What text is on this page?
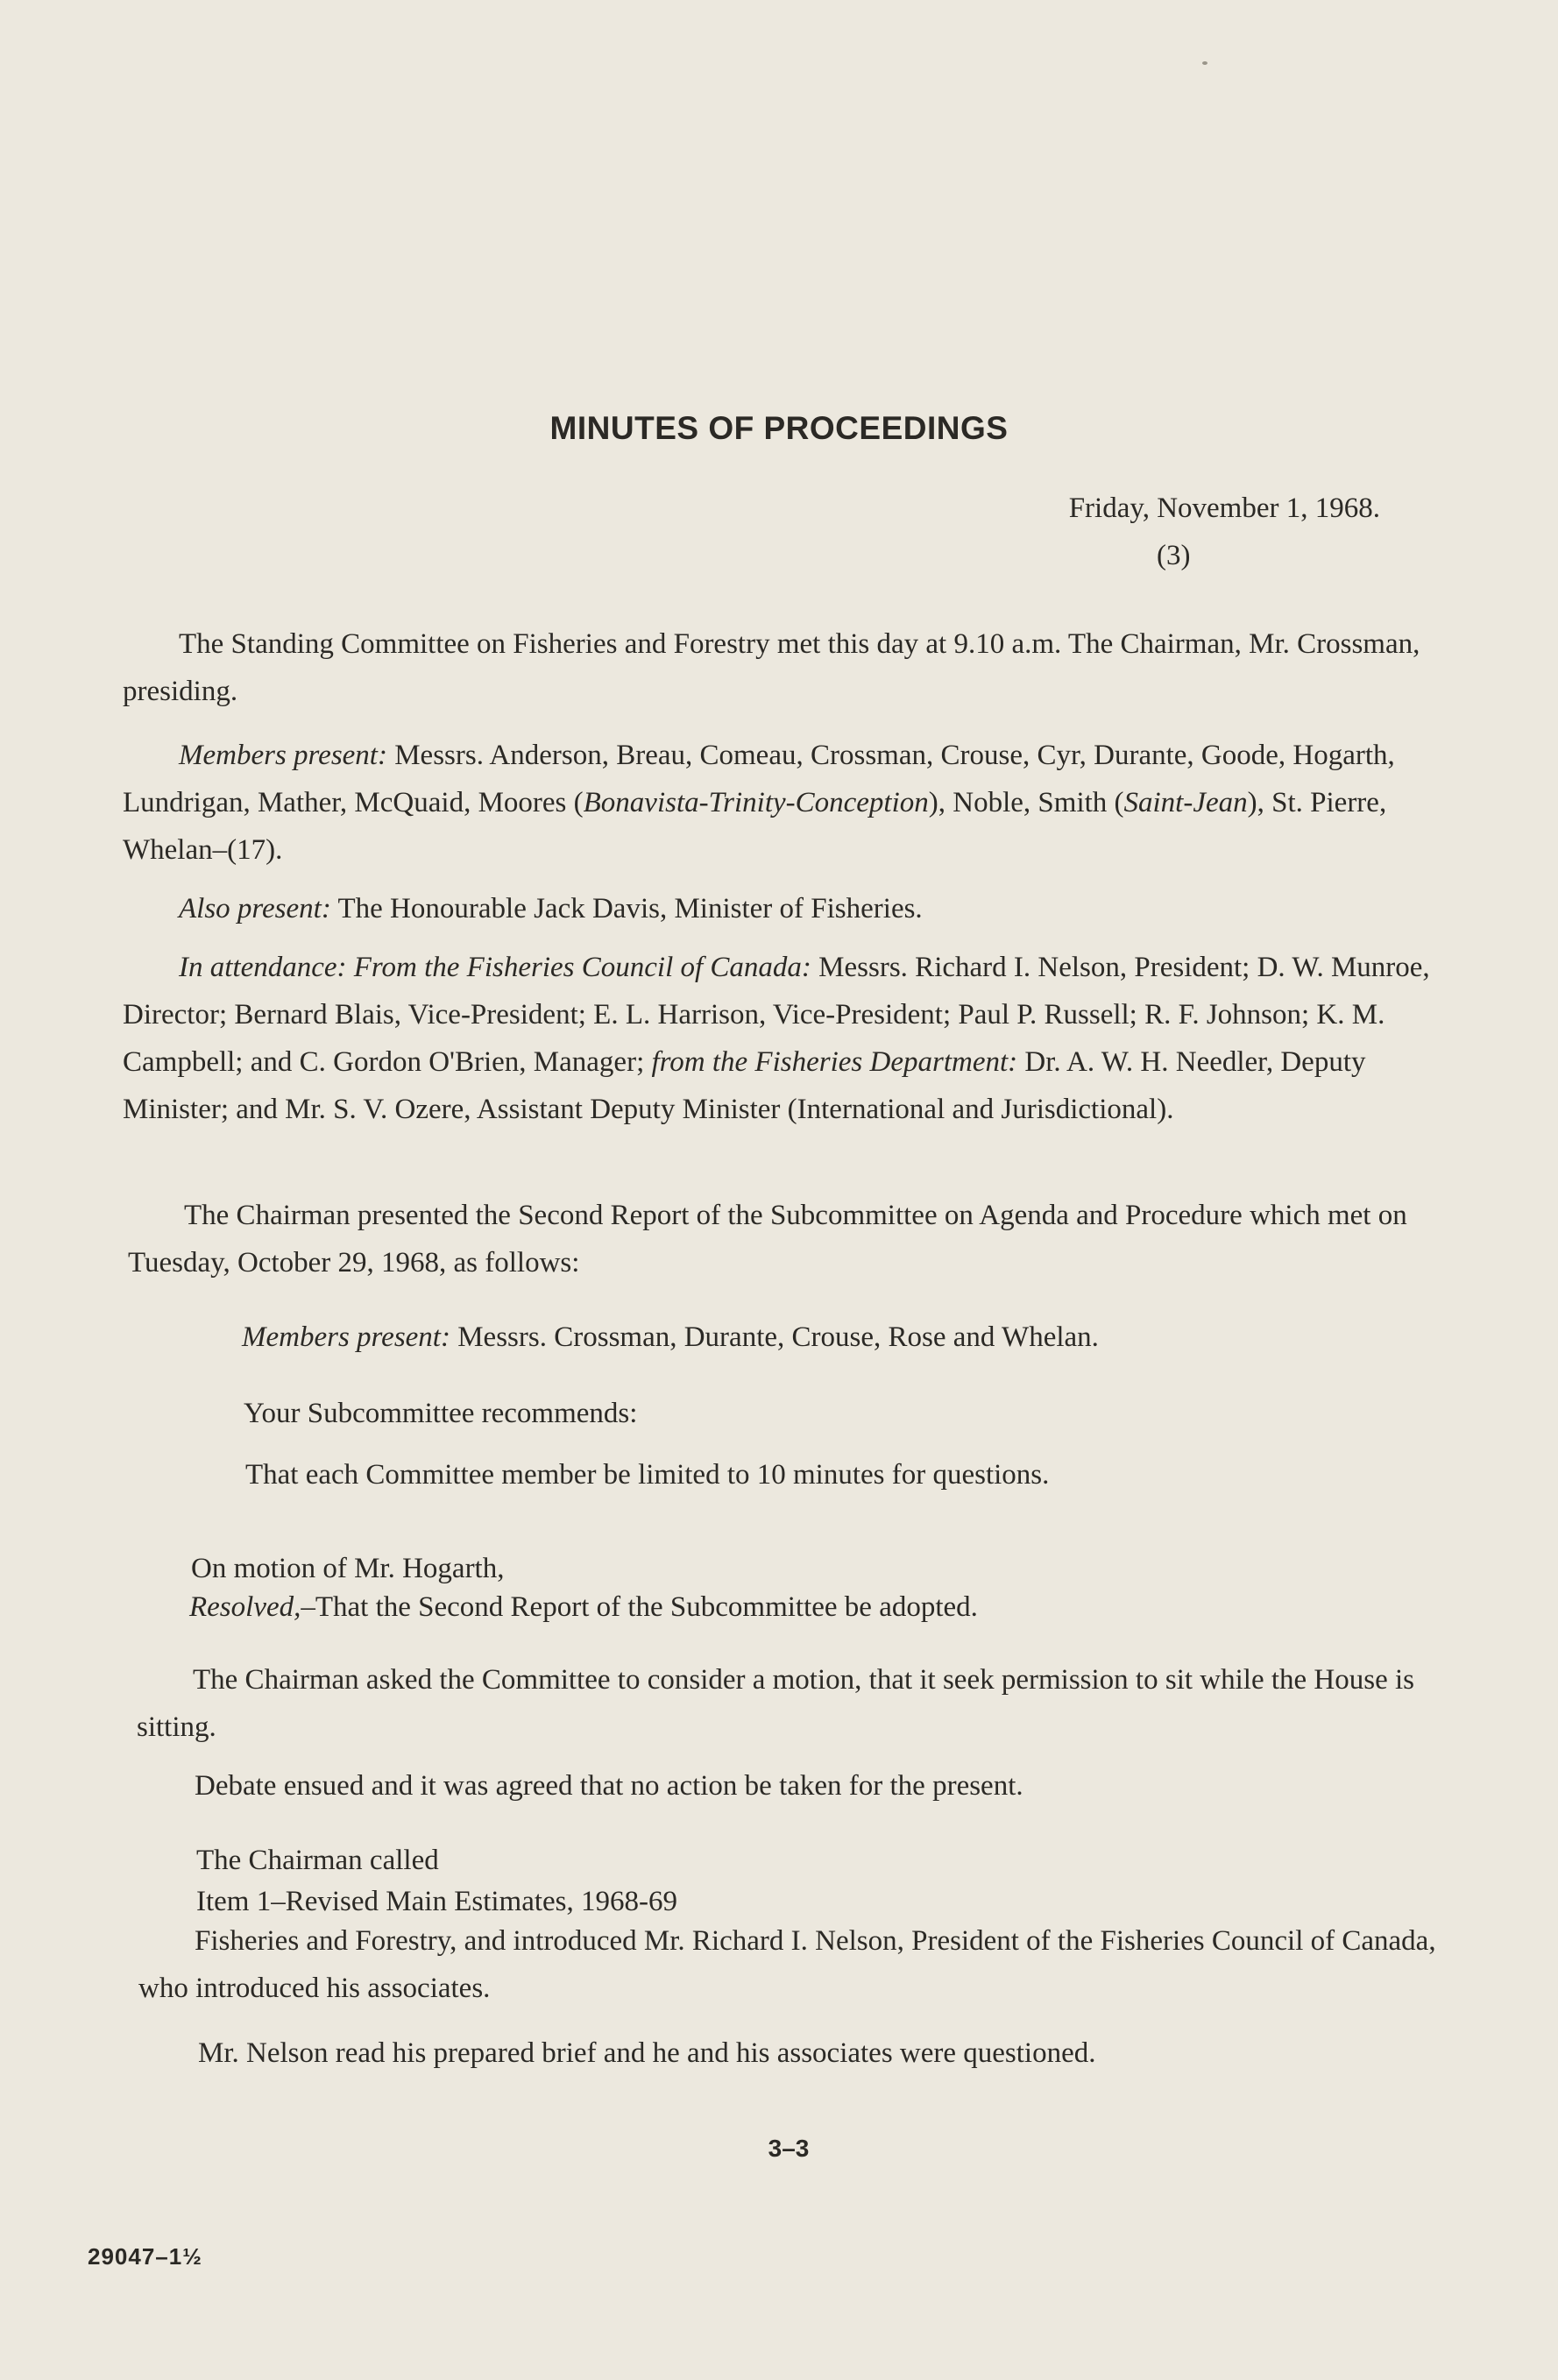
MINUTES OF PROCEEDINGS
Friday, November 1, 1968.
(3)

The Standing Committee on Fisheries and Forestry met this day at 9.10 a.m. The Chairman, Mr. Crossman, presiding.

Members present: Messrs. Anderson, Breau, Comeau, Crossman, Crouse, Cyr, Durante, Goode, Hogarth, Lundrigan, Mather, McQuaid, Moores (Bonavista-Trinity-Conception), Noble, Smith (Saint-Jean), St. Pierre, Whelan–(17).

Also present: The Honourable Jack Davis, Minister of Fisheries.

In attendance: From the Fisheries Council of Canada: Messrs. Richard I. Nelson, President; D. W. Munroe, Director; Bernard Blais, Vice-President; E. L. Harrison, Vice-President; Paul P. Russell; R. F. Johnson; K. M. Campbell; and C. Gordon O'Brien, Manager; from the Fisheries Department: Dr. A. W. H. Needler, Deputy Minister; and Mr. S. V. Ozere, Assistant Deputy Minister (International and Jurisdictional).

The Chairman presented the Second Report of the Subcommittee on Agenda and Procedure which met on Tuesday, October 29, 1968, as follows:

Members present: Messrs. Crossman, Durante, Crouse, Rose and Whelan.

Your Subcommittee recommends:

That each Committee member be limited to 10 minutes for questions.

On motion of Mr. Hogarth,

Resolved,–That the Second Report of the Subcommittee be adopted.

The Chairman asked the Committee to consider a motion, that it seek permission to sit while the House is sitting.

Debate ensued and it was agreed that no action be taken for the present.

The Chairman called

Item 1–Revised Main Estimates, 1968-69

Fisheries and Forestry, and introduced Mr. Richard I. Nelson, President of the Fisheries Council of Canada, who introduced his associates.

Mr. Nelson read his prepared brief and he and his associates were questioned.

3–3
29047–1½
